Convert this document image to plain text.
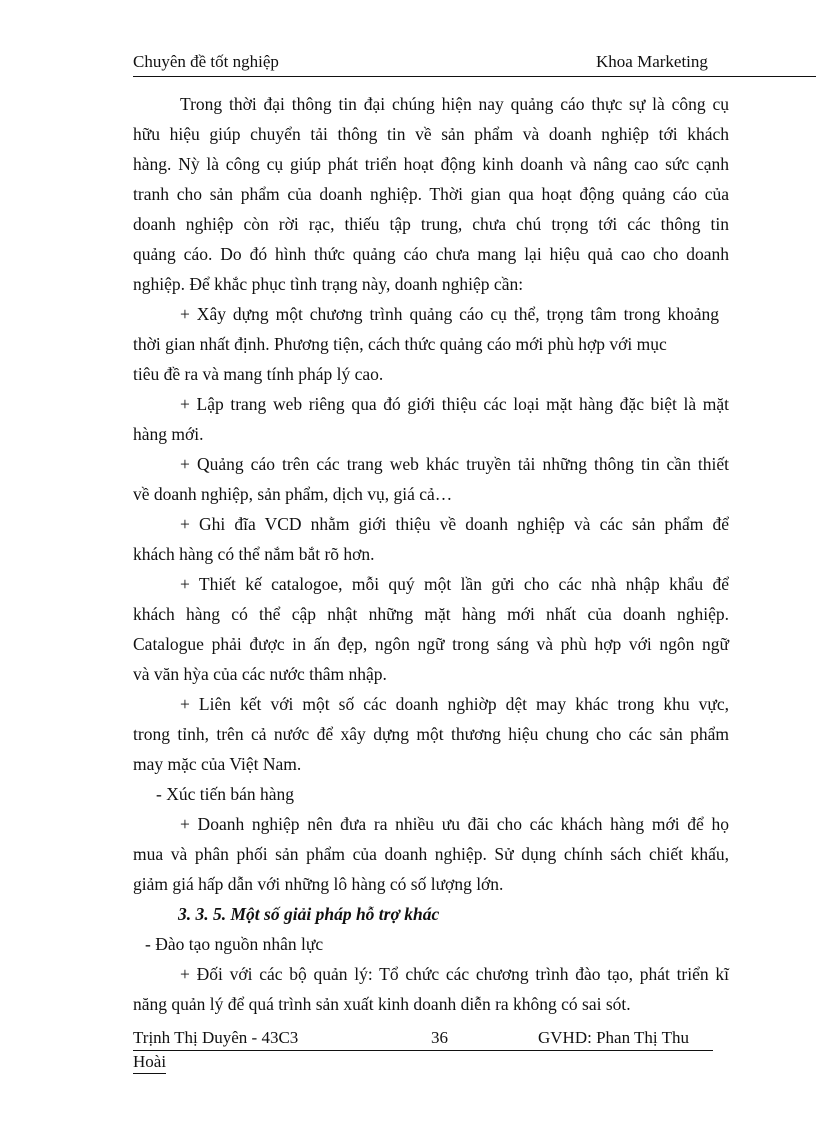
Chuyên đề tốt nghiệp	Khoa Marketing
Trong thời đại thông tin đại chúng hiện nay quảng cáo thực sự là công cụ
hữu hiệu giúp chuyển tải thông tin về sản phẩm và doanh nghiệp tới khách
hàng. Nỳ là công cụ giúp phát triển hoạt động kinh doanh và nâng cao sức cạnh
tranh cho sản phẩm của doanh nghiệp. Thời gian qua hoạt động quảng cáo của
doanh nghiệp còn rời rạc, thiếu tập trung, chưa chú trọng tới các thông tin
quảng cáo. Do đó hình thức quảng cáo chưa mang lại hiệu quả cao cho doanh
nghiệp. Để khắc phục tình trạng này, doanh nghiệp cần:
+ Xây dựng một chương trình quảng cáo cụ thể, trọng tâm trong khoảng
thời gian nhất định. Phương tiện, cách thức quảng cáo mới phù hợp với mục
tiêu đề ra và mang tính pháp lý cao.
+ Lập trang web riêng qua đó giới thiệu các loại mặt hàng đặc biệt là mặt
hàng mới.
+ Quảng cáo trên các trang web khác truyền tải những thông tin cần thiết
về doanh nghiệp, sản phẩm, dịch vụ, giá cả…
+ Ghi đĩa VCD nhằm giới thiệu về doanh nghiệp và các sản phẩm để
khách hàng có thể nắm bắt rõ hơn.
+ Thiết kế catalogoe, mỗi quý một lần gửi cho các nhà nhập khẩu để
khách hàng có thể cập nhật những mặt hàng mới nhất của doanh nghiệp.
Catalogue phải được in ấn đẹp, ngôn ngữ trong sáng và phù hợp với ngôn ngữ
và văn hỳa của các nước thâm nhập.
+ Liên kết với một số các doanh nghiờp dệt may khác trong khu vực,
trong tỉnh, trên cả nước để xây dựng một thương hiệu chung cho các sản phẩm
may mặc của Việt Nam.
- Xúc tiến bán hàng
+ Doanh nghiệp nên đưa ra nhiều ưu đãi cho các khách hàng mới để họ
mua và phân phối sản phẩm của doanh nghiệp. Sử dụng chính sách chiết khấu,
giảm giá hấp dẫn với những lô hàng có số lượng lớn.
3. 3. 5. Một số giải pháp hỗ trợ khác
- Đào tạo nguồn nhân lực
+ Đối với các bộ quản lý: Tổ chức các chương trình đào tạo, phát triển kĩ
năng quản lý để quá trình sản xuất kinh doanh diễn ra không có sai sót.
Trịnh Thị Duyên - 43C3	36	GVHD: Phan Thị Thu
Hoài
